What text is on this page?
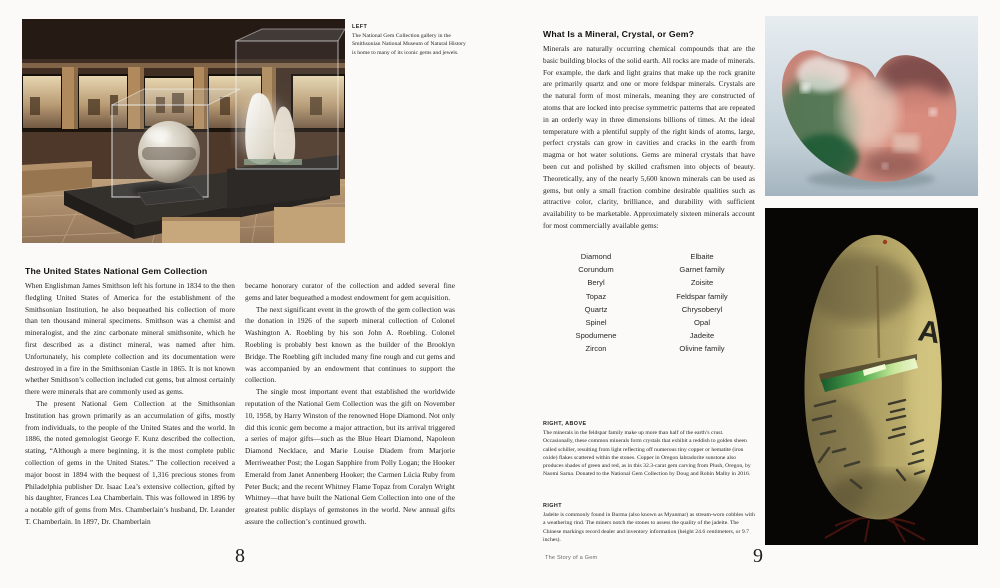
LEFT
The National Gem Collection gallery in the Smithsonian National Museum of Natural History is home to many of its iconic gems and jewels.
The United States National Gem Collection

When Englishman James Smithson left his fortune in 1834 to the then fledgling United States of America for the establishment of the Smithsonian Institution, he also bequeathed his collection of more than ten thousand mineral specimens. Smithson was a chemist and mineralogist, and the zinc carbonate mineral smithsonite, which he first described as a distinct mineral, was named after him. Unfortunately, his complete collection and its documentation were destroyed in a fire in the Smithsonian Castle in 1865. It is not known whether Smithson’s collection included cut gems, but almost certainly there were minerals that are commonly used as gems.

The present National Gem Collection at the Smithsonian Institution has grown primarily as an accumulation of gifts, mostly from individuals, to the people of the United States and the world. In 1886, the noted gemologist George F. Kunz described the collection, stating, “Although a mere beginning, it is the most complete public collection of gems in the United States.” The collection received a major boost in 1894 with the bequest of 1,316 precious stones from Philadelphia publisher Dr. Isaac Lea’s extensive collection, gifted by his daughter, Frances Lea Chamberlain. This was followed in 1896 by a notable gift of gems from Mrs. Chamberlain’s husband, Dr. Leander T. Chamberlain. In 1897, Dr. Chamberlain

became honorary curator of the collection and added several fine gems and later bequeathed a modest endowment for gem acquisition.

The next significant event in the growth of the gem collection was the donation in 1926 of the superb mineral collection of Colonel Washington A. Roebling by his son John A. Roebling. Colonel Roebling is probably best known as the builder of the Brooklyn Bridge. The Roebling gift included many fine rough and cut gems and was accompanied by an endowment that continues to support the collection.

The single most important event that established the worldwide reputation of the National Gem Collection was the gift on November 10, 1958, by Harry Winston of the renowned Hope Diamond. Not only did this iconic gem become a major attraction, but its arrival triggered a series of major gifts—such as the Blue Heart Diamond, Napoleon Diamond Necklace, and Marie Louise Diadem from Marjorie Merriweather Post; the Logan Sapphire from Polly Logan; the Hooker Emerald from Janet Annenberg Hooker; the Carmen Lúcia Ruby from Peter Buck; and the recent Whitney Flame Topaz from Coralyn Wright Whitney—that have built the National Gem Collection into one of the greatest public displays of gemstones in the world. New annual gifts assure the collection’s continued growth.

8
What Is a Mineral, Crystal, or Gem?

Minerals are naturally occurring chemical compounds that are the basic building blocks of the solid earth. All rocks are made of minerals. For example, the dark and light grains that make up the rock granite are primarily quartz and one or more feldspar minerals. Crystals are the natural form of most minerals, meaning they are constructed of atoms that are locked into precise symmetric patterns that are repeated in an orderly way in three dimensions billions of times. At the ideal temperature with a plentiful supply of the right kinds of atoms, large, perfect crystals can grow in cavities and cracks in the earth from magma or hot water solutions. Gems are mineral crystals that have been cut and polished by skilled craftsmen into objects of beauty. Theoretically, any of the nearly 5,600 known minerals can be used as gems, but only a small fraction combine desirable qualities such as attractive color, clarity, brilliance, and durability with sufficient availability to be marketable. Approximately sixteen minerals account for most commercially available gems:

Diamond
Corundum
Beryl
Topaz
Quartz
Spinel
Spodumene
Zircon
Elbaite
Garnet family
Zoisite
Feldspar family
Chrysoberyl
Opal
Jadeite
Olivine family
RIGHT, ABOVE
The minerals in the feldspar family make up more than half of the earth’s crust. Occasionally, these common minerals form crystals that exhibit a reddish to golden sheen called schiller, resulting from light reflecting off numerous tiny copper or hematite (iron oxide) flakes scattered within the stones. Copper in Oregon labradorite sunstone also produces shades of green and red, as in this 32.3-carat gem carving from Plush, Oregon, by Naomi Sarna. Donated to the National Gem Collection by Doug and Robin Malby in 2016.
RIGHT
Jadeite is commonly found in Burma (also known as Myanmar) as stream-worn cobbles with a weathering rind. The miners notch the stones to assess the quality of the jadeite. The Chinese markings record dealer and inventory information (height 24.6 centimeters, or 9.7 inches).
A
The Story of a Gem	9
